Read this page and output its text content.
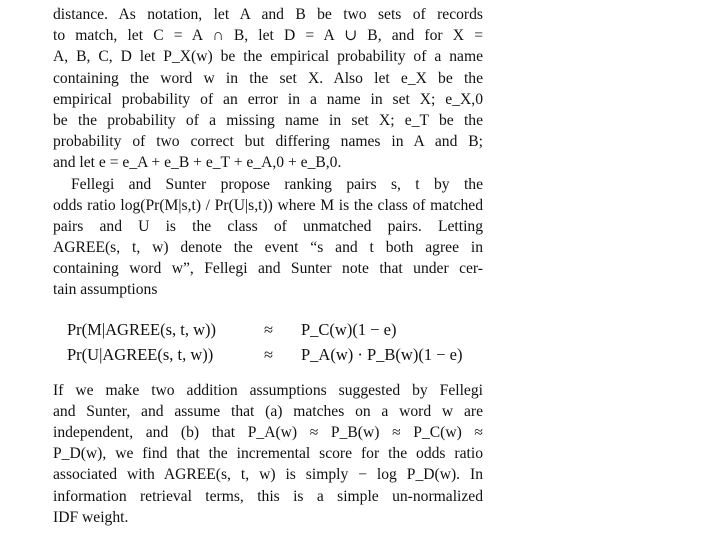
distance. As notation, let A and B be two sets of records
to match, let C = A ∩ B, let D = A ∪ B, and for X =
A, B, C, D let P_X(w) be the empirical probability of a name
containing the word w in the set X. Also let e_X be the
empirical probability of an error in a name in set X; e_X,0
be the probability of a missing name in set X; e_T be the
probability of two correct but differing names in A and B;
and let e = e_A + e_B + e_T + e_A,0 + e_B,0.
Fellegi and Sunter propose ranking pairs s, t by the
odds ratio log(Pr(M|s,t) / Pr(U|s,t)) where M is the class of matched
pairs and U is the class of unmatched pairs. Letting
AGREE(s, t, w) denote the event “s and t both agree in
containing word w”, Fellegi and Sunter note that under cer-
tain assumptions
Pr(M|AGREE(s, t, w))	≈ P_C(w)(1 − e)
Pr(U|AGREE(s, t, w))	≈ P_A(w) · P_B(w)(1 − e)
If we make two addition assumptions suggested by Fellegi
and Sunter, and assume that (a) matches on a word w are
independent, and (b) that P_A(w) ≈ P_B(w) ≈ P_C(w) ≈
P_D(w), we find that the incremental score for the odds ratio
associated with AGREE(s, t, w) is simply − log P_D(w). In
information retrieval terms, this is a simple un-normalized
IDF weight.
